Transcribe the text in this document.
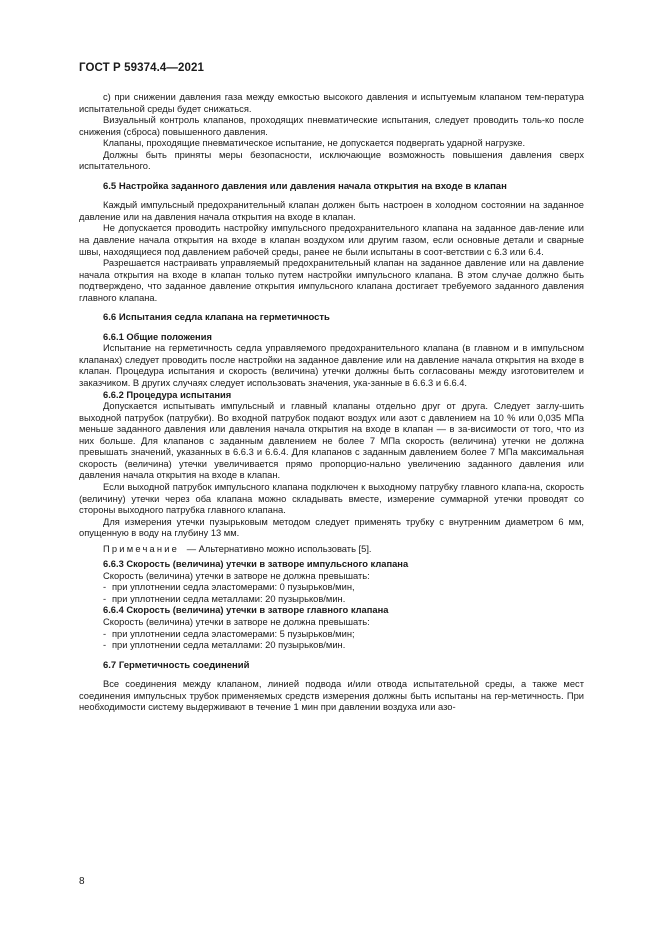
ГОСТ Р 59374.4—2021

с) при снижении давления газа между емкостью высокого давления и испытуемым клапаном тем-пература испытательной среды будет снижаться.

Визуальный контроль клапанов, проходящих пневматические испытания, следует проводить толь-ко после снижения (сброса) повышенного давления.

Клапаны, проходящие пневматическое испытание, не допускается подвергать ударной нагрузке.

Должны быть приняты меры безопасности, исключающие возможность повышения давления сверх испытательного.

6.5 Настройка заданного давления или давления начала открытия на входе в клапан

Каждый импульсный предохранительный клапан должен быть настроен в холодном состоянии на заданное давление или на давления начала открытия на входе в клапан.

Не допускается проводить настройку импульсного предохранительного клапана на заданное дав-ление или на давление начала открытия на входе в клапан воздухом или другим газом, если основные детали и сварные швы, находящиеся под давлением рабочей среды, ранее не были испытаны в соот-ветствии с 6.3 или 6.4.

Разрешается настраивать управляемый предохранительный клапан на заданное давление или на давление начала открытия на входе в клапан только путем настройки импульсного клапана. В этом случае должно быть подтверждено, что заданное давление открытия импульсного клапана достигает требуемого заданного давления главного клапана.

6.6 Испытания седла клапана на герметичность
6.6.1 Общие положения

Испытание на герметичность седла управляемого предохранительного клапана (в главном и в импульсном клапанах) следует проводить после настройки на заданное давление или на давление начала открытия на входе в клапан. Процедура испытания и скорость (величина) утечки должны быть согласованы между изготовителем и заказчиком. В других случаях следует использовать значения, ука-занные в 6.6.3 и 6.6.4.

6.6.2 Процедура испытания

Допускается испытывать импульсный и главный клапаны отдельно друг от друга. Следует заглу-шить выходной патрубок (патрубки). Во входной патрубок подают воздух или азот с давлением на 10 % или 0,035 МПа меньше заданного давления или давления начала открытия на входе в клапан — в за-висимости от того, что из них больше. Для клапанов с заданным давлением не более 7 МПа скорость (величина) утечки не должна превышать значений, указанных в 6.6.3 и 6.6.4. Для клапанов с заданным давлением более 7 МПа максимальная скорость (величина) утечки увеличивается прямо пропорцио-нально увеличению заданного давления или давления начала открытия на входе в клапан.

Если выходной патрубок импульсного клапана подключен к выходному патрубку главного клапа-на, скорость (величину) утечки через оба клапана можно складывать вместе, измерение суммарной утечки проводят со стороны выходного патрубка главного клапана.

Для измерения утечки пузырьковым методом следует применять трубку с внутренним диаметром 6 мм, опущенную в воду на глубину 13 мм.

Примечание — Альтернативно можно использовать [5].
6.6.3 Скорость (величина) утечки в затворе импульсного клапана
Скорость (величина) утечки в затворе не должна превышать:
- при уплотнении седла эластомерами: 0 пузырьков/мин,
- при уплотнении седла металлами: 20 пузырьков/мин.
6.6.4 Скорость (величина) утечки в затворе главного клапана
Скорость (величина) утечки в затворе не должна превышать:
- при уплотнении седла эластомерами: 5 пузырьков/мин;
- при уплотнении седла металлами: 20 пузырьков/мин.
6.7 Герметичность соединений

Все соединения между клапаном, линией подвода и/или отвода испытательной среды, а также мест соединения импульсных трубок применяемых средств измерения должны быть испытаны на гер-метичность. При необходимости систему выдерживают в течение 1 мин при давлении воздуха или азо-

8
